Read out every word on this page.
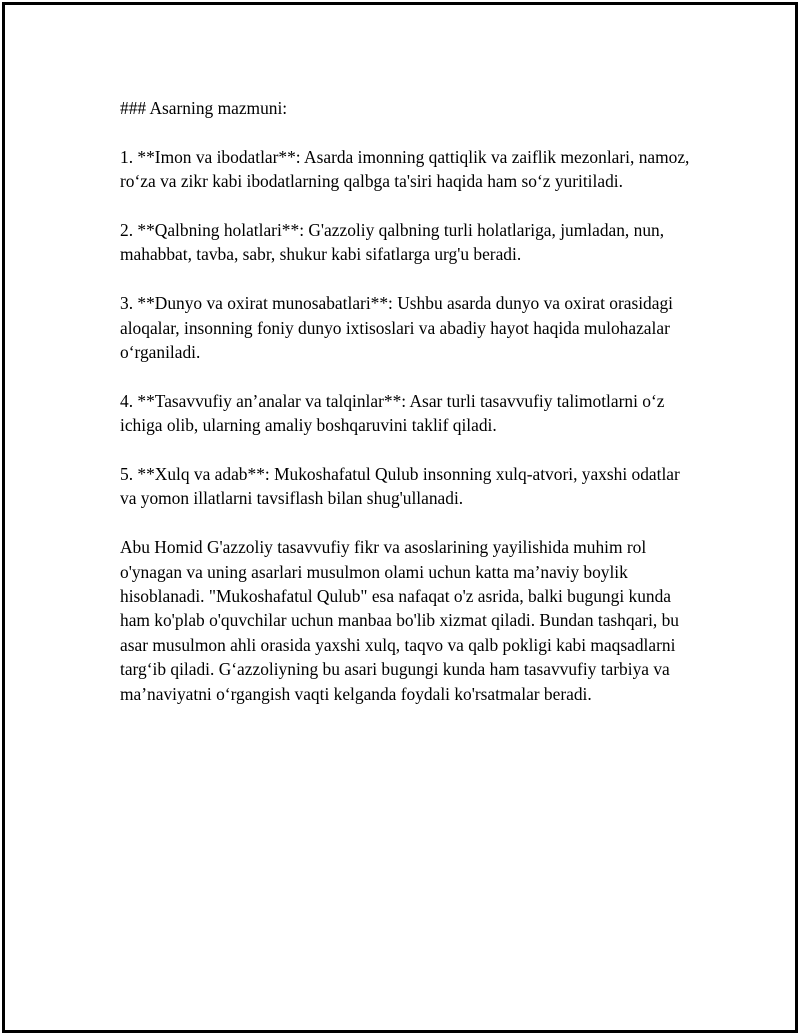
### Asarning mazmuni:

1. **Imon va ibodatlar**: Asarda imonning qattiqlik va zaiflik mezonlari, namoz, ro‘za va zikr kabi ibodatlarning qalbga ta'siri haqida ham so‘z yuritiladi.

2. **Qalbning holatlari**: G'azzoliy qalbning turli holatlariga, jumladan, nun, mahabbat, tavba, sabr, shukur kabi sifatlarga urg'u beradi.

3. **Dunyo va oxirat munosabatlari**: Ushbu asarda dunyo va oxirat orasidagi aloqalar, insonning foniy dunyo ixtisoslari va abadiy hayot haqida mulohazalar o‘rganiladi.

4. **Tasavvufiy an’analar va talqinlar**: Asar turli tasavvufiy talimotlarni o‘z ichiga olib, ularning amaliy boshqaruvini taklif qiladi.

5. **Xulq va adab**: Mukoshafatul Qulub insonning xulq-atvori, yaxshi odatlar va yomon illatlarni tavsiflash bilan shug'ullanadi.

Abu Homid G'azzoliy tasavvufiy fikr va asoslarining yayilishida muhim rol o'ynagan va uning asarlari musulmon olami uchun katta ma’naviy boylik hisoblanadi. "Mukoshafatul Qulub" esa nafaqat o'z asrida, balki bugungi kunda ham ko'plab o'quvchilar uchun manbaa bo'lib xizmat qiladi. Bundan tashqari, bu asar musulmon ahli orasida yaxshi xulq, taqvo va qalb pokligi kabi maqsadlarni targ‘ib qiladi. G‘azzoliyning bu asari bugungi kunda ham tasavvufiy tarbiya va ma’naviyatni o‘rgangish vaqti kelganda foydali ko'rsatmalar beradi.
